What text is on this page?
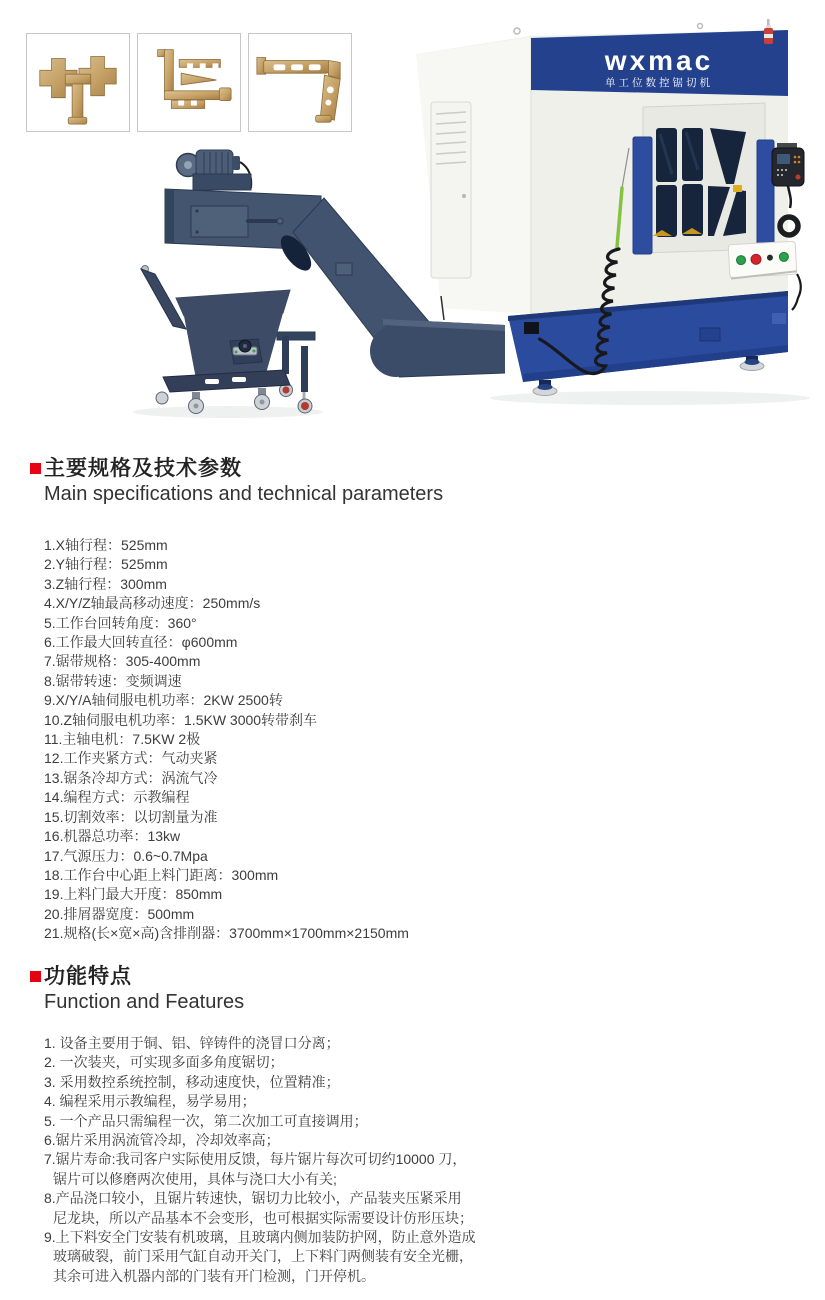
wxmac
单工位数控锯切机
主要规格及技术参数
Main specifications and technical parameters
1.X轴行程：525mm
2.Y轴行程：525mm
3.Z轴行程：300mm
4.X/Y/Z轴最高移动速度：250mm/s
5.工作台回转角度：360°
6.工作最大回转直径：φ600mm
7.锯带规格：305-400mm
8.锯带转速：变频调速
9.X/Y/A轴伺服电机功率：2KW 2500转
10.Z轴伺服电机功率：1.5KW 3000转带刹车
11.主轴电机：7.5KW 2极
12.工作夹紧方式：气动夹紧
13.锯条冷却方式：涡流气冷
14.编程方式：示教编程
15.切割效率：以切割量为准
16.机器总功率：13kw
17.气源压力：0.6~0.7Mpa
18.工作台中心距上料门距离：300mm
19.上料门最大开度：850mm
20.排屑器宽度：500mm
21.规格(长×宽×高)含排削器：3700mm×1700mm×2150mm
功能特点
Function and Features
1. 设备主要用于铜、铝、锌铸件的浇冒口分离；
2. 一次装夹，可实现多面多角度锯切；
3. 采用数控系统控制，移动速度快，位置精准；
4. 编程采用示教编程，易学易用；
5. 一个产品只需编程一次，第二次加工可直接调用；
6.锯片采用涡流管冷却，冷却效率高；
7.锯片寿命:我司客户实际使用反馈，每片锯片每次可切约10000 刀，
锯片可以修磨两次使用，具体与浇口大小有关;
8.产品浇口较小，且锯片转速快，锯切力比较小，产品装夹压紧采用
尼龙块，所以产品基本不会变形，也可根据实际需要设计仿形压块；
9.上下料安全门安装有机玻璃，且玻璃内侧加装防护网，防止意外造成
玻璃破裂，前门采用气缸自动开关门，上下料门两侧装有安全光栅，
其余可进入机器内部的门装有开门检测，门开停机。
